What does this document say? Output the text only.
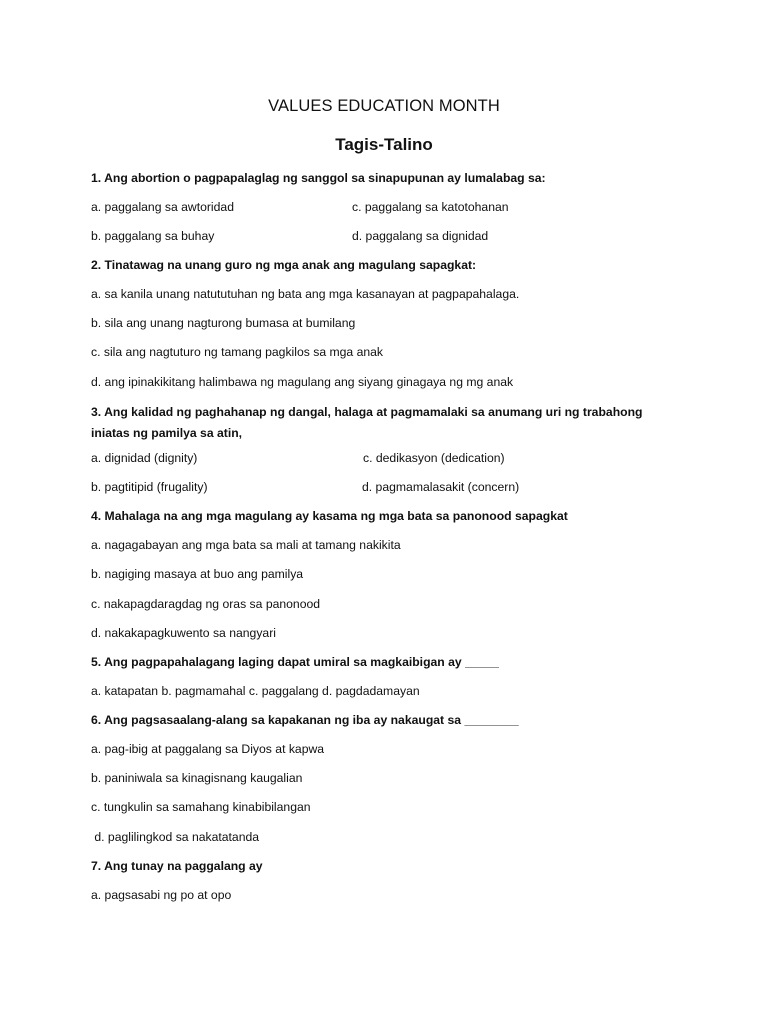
VALUES EDUCATION MONTH
Tagis-Talino
1. Ang abortion o pagpapalaglag ng sanggol sa sinapupunan ay lumalabag sa:
a. paggalang sa awtoridad	c. paggalang sa katotohanan
b. paggalang sa buhay	d. paggalang sa dignidad
2. Tinatawag na unang guro ng mga anak ang magulang sapagkat:
a. sa kanila unang natututuhan ng bata ang mga kasanayan at pagpapahalaga.
b. sila ang unang nagturong bumasa at bumilang
c. sila ang nagtuturo ng tamang pagkilos sa mga anak
d. ang ipinakikitang halimbawa ng magulang ang siyang ginagaya ng mg anak
3. Ang kalidad ng paghahanap ng dangal, halaga at pagmamalaki sa anumang uri ng trabahong iniatas ng pamilya sa atin,
a. dignidad (dignity)	c. dedikasyon (dedication)
b. pagtitipid (frugality)	d. pagmamalasakit (concern)
4. Mahalaga na ang mga magulang ay kasama ng mga bata sa panonood sapagkat
a. nagagabayan ang mga bata sa mali at tamang nakikita
b. nagiging masaya at buo ang pamilya
c. nakapagdaragdag ng oras sa panonood
d. nakakapagkuwento sa nangyari
5. Ang pagpapahalagang laging dapat umiral sa magkaibigan ay _____
a. katapatan b. pagmamahal c. paggalang d. pagdadamayan
6. Ang pagsasaalang-alang sa kapakanan ng iba ay nakaugat sa ________
a. pag-ibig at paggalang sa Diyos at kapwa
b. paniniwala sa kinagisnang kaugalian
c. tungkulin sa samahang kinabibilangan
d. paglilingkod sa nakatatanda
7. Ang tunay na paggalang ay
a. pagsasabi ng po at opo
